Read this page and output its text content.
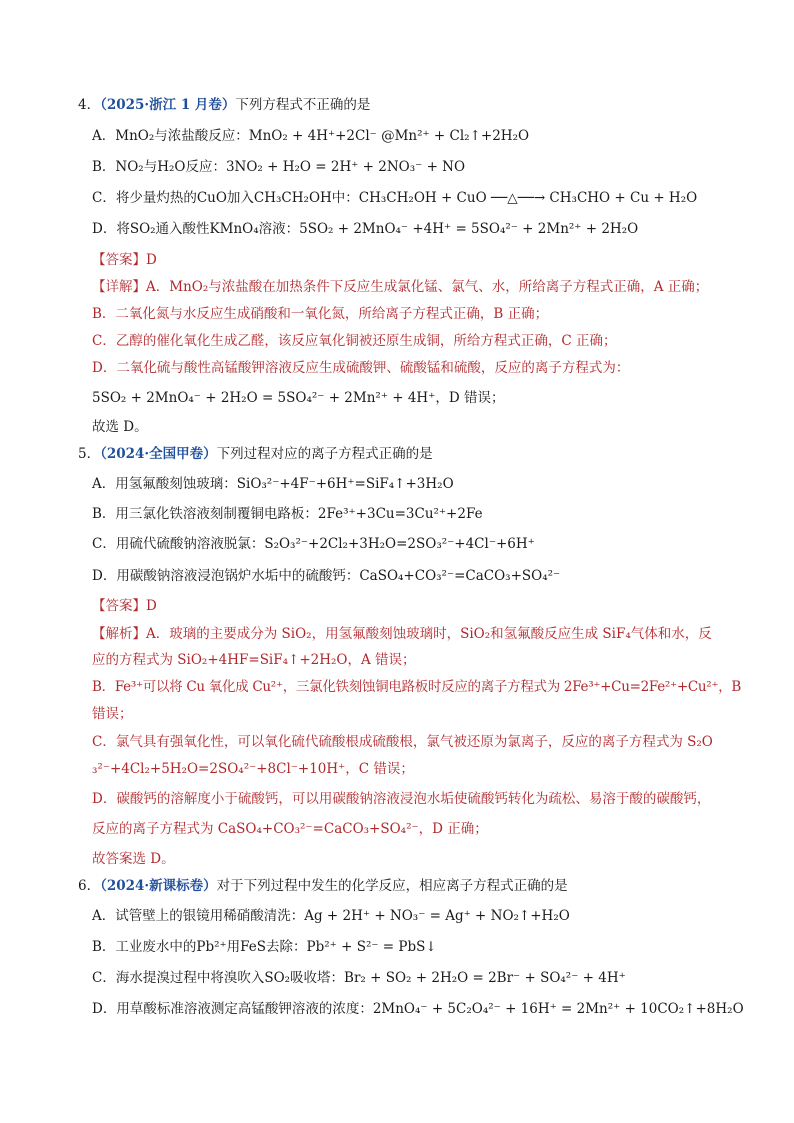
4．（2025·浙江 1 月卷）下列方程式不正确的是
A．MnO₂与浓盐酸反应：MnO₂ + 4H⁺+2Cl⁻ @Mn²⁺ + Cl₂↑+2H₂O
B．NO₂与H₂O反应：3NO₂ + H₂O = 2H⁺ + 2NO₃⁻ + NO
C．将少量灼热的CuO加入CH₃CH₂OH中：CH₃CH₂OH + CuO ──△──→ CH₃CHO + Cu + H₂O
D．将SO₂通入酸性KMnO₄溶液：5SO₂ + 2MnO₄⁻ +4H⁺ = 5SO₄²⁻ + 2Mn²⁺ + 2H₂O
【答案】D
【详解】A．MnO₂与浓盐酸在加热条件下反应生成氯化锰、氯气、水，所给离子方程式正确，A 正确；
B．二氧化氮与水反应生成硝酸和一氧化氮，所给离子方程式正确，B 正确；
C．乙醇的催化氧化生成乙醛，该反应氧化铜被还原生成铜，所给方程式正确，C 正确；
D．二氧化硫与酸性高锰酸钾溶液反应生成硫酸钾、硫酸锰和硫酸，反应的离子方程式为：
5SO₂ + 2MnO₄⁻ + 2H₂O = 5SO₄²⁻ + 2Mn²⁺ + 4H⁺，D 错误；
故选 D。
5．（2024·全国甲卷）下列过程对应的离子方程式正确的是
A．用氢氟酸刻蚀玻璃：SiO₃²⁻+4F⁻+6H⁺=SiF₄↑+3H₂O
B．用三氯化铁溶液刻制覆铜电路板：2Fe³⁺+3Cu=3Cu²⁺+2Fe
C．用硫代硫酸钠溶液脱氯：S₂O₃²⁻+2Cl₂+3H₂O=2SO₃²⁻+4Cl⁻+6H⁺
D．用碳酸钠溶液浸泡锅炉水垢中的硫酸钙：CaSO₄+CO₃²⁻=CaCO₃+SO₄²⁻
【答案】D
【解析】A．玻璃的主要成分为 SiO₂，用氢氟酸刻蚀玻璃时，SiO₂和氢氟酸反应生成 SiF₄气体和水，反
应的方程式为 SiO₂+4HF=SiF₄↑+2H₂O，A 错误；
B．Fe³⁺可以将 Cu 氧化成 Cu²⁺，三氯化铁刻蚀铜电路板时反应的离子方程式为 2Fe³⁺+Cu=2Fe²⁺+Cu²⁺，B
错误；
C．氯气具有强氧化性，可以氧化硫代硫酸根成硫酸根，氯气被还原为氯离子，反应的离子方程式为 S₂O
₃²⁻+4Cl₂+5H₂O=2SO₄²⁻+8Cl⁻+10H⁺，C 错误；
D．碳酸钙的溶解度小于硫酸钙，可以用碳酸钠溶液浸泡水垢使硫酸钙转化为疏松、易溶于酸的碳酸钙，
反应的离子方程式为 CaSO₄+CO₃²⁻=CaCO₃+SO₄²⁻，D 正确；
故答案选 D。
6．（2024·新课标卷）对于下列过程中发生的化学反应，相应离子方程式正确的是
A．试管壁上的银镜用稀硝酸清洗：Ag + 2H⁺ + NO₃⁻ = Ag⁺ + NO₂↑+H₂O
B．工业废水中的Pb²⁺用FeS去除：Pb²⁺ + S²⁻ = PbS↓
C．海水提溴过程中将溴吹入SO₂吸收塔：Br₂ + SO₂ + 2H₂O = 2Br⁻ + SO₄²⁻ + 4H⁺
D．用草酸标准溶液测定高锰酸钾溶液的浓度：2MnO₄⁻ + 5C₂O₄²⁻ + 16H⁺ = 2Mn²⁺ + 10CO₂↑+8H₂O
